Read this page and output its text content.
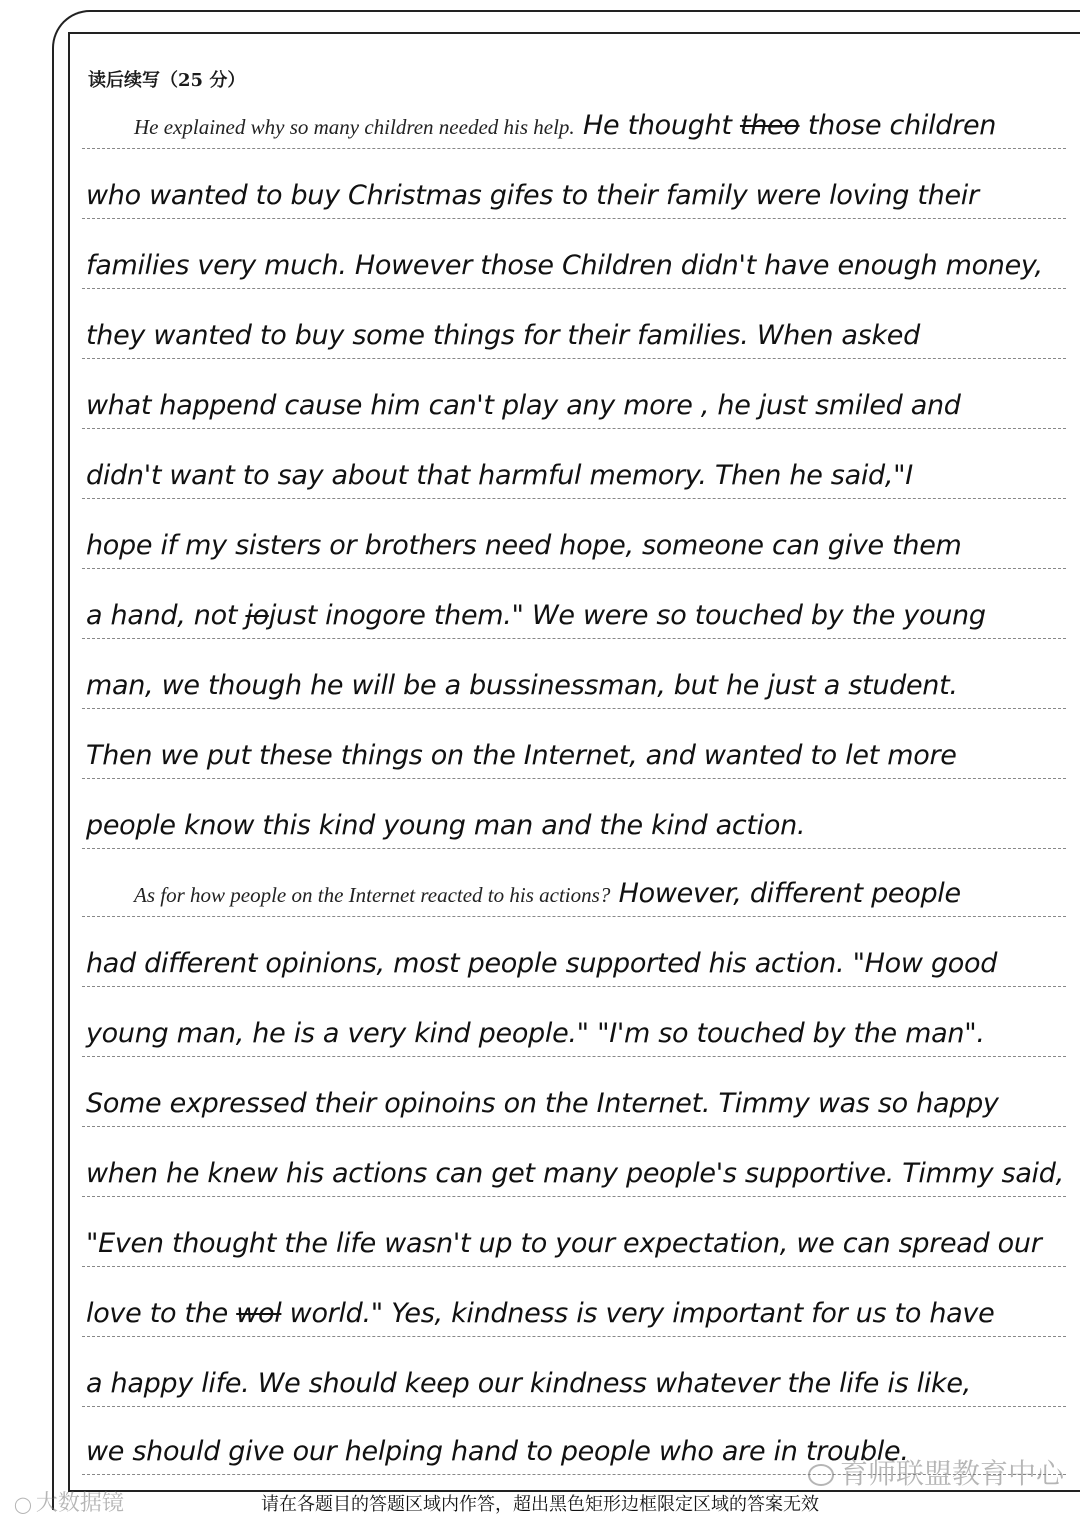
读后续写（25 分）
He explained why so many children needed his help. He thought theo those children
who wanted to buy Christmas gifes to their family were loving their
families very much. However those Children didn't have enough money,
they wanted to buy some things for their families. When asked
what happend cause him can't play any more , he just smiled and
didn't want to say about that harmful memory. Then he said,"I
hope if my sisters or brothers need hope, someone can give them
a hand, not jojust inogore them." We were so touched by the young
man, we though he will be a bussinessman, but he just a student.
Then we put these things on the Internet, and wanted to let more
people know this kind young man and the kind action.
As for how people on the Internet reacted to his actions? However, different people
had different opinions, most people supported his action. "How good
young man, he is a very kind people." "I'm so touched by the man".
Some expressed their opinoins on the Internet. Timmy was so happy
when he knew his actions can get many people's supportive. Timmy said,
"Even thought the life wasn't up to your expectation, we can spread our
love to the wol world." Yes, kindness is very important for us to have
a happy life. We should keep our kindness whatever the life is like,
we should give our helping hand to people who are in trouble.
育师联盟教育中心
◯ 大数据镜	请在各题目的答题区域内作答，超出黑色矩形边框限定区域的答案无效
